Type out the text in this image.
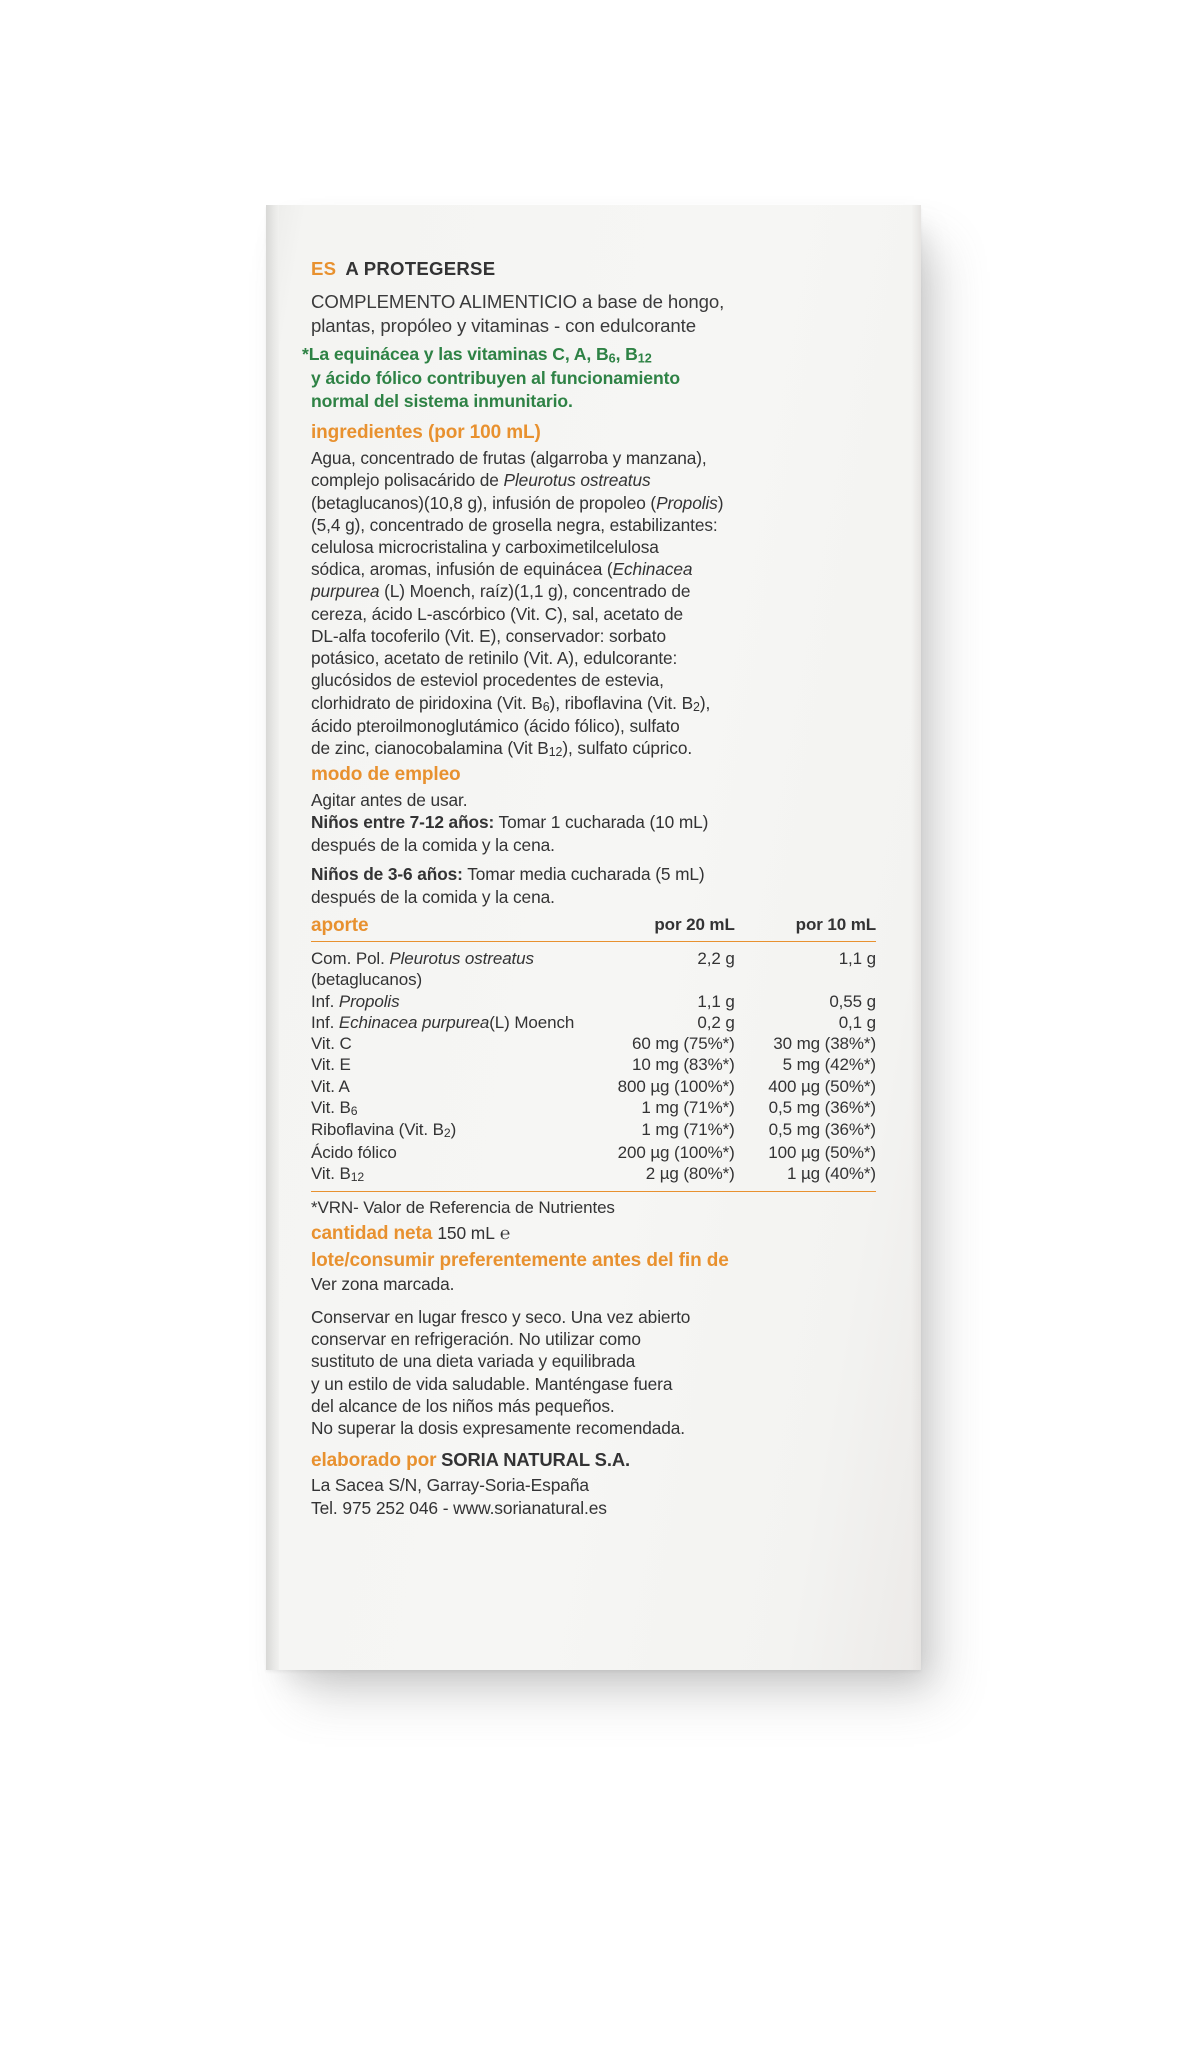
ES A PROTEGERSE
COMPLEMENTO ALIMENTICIO a base de hongo,
plantas, propóleo y vitaminas - con edulcorante
*La equinácea y las vitaminas C, A, $B_6$, $B_{12}$
y ácido fólico contribuyen al funcionamiento normal del sistema inmunitario.
ingredientes (por 100 mL)
Agua, concentrado de frutas (algarroba y manzana),
complejo polisacárido de Pleurotus ostreatus
(betaglucanos)(10,8 g), infusión de propoleo (Propolis)
(5,4 g), concentrado de grosella negra, estabilizantes:
celulosa microcristalina y carboximetilcelulosa
sódica, aromas, infusión de equinácea (Echinacea
purpurea (L) Moench, raíz)(1,1 g), concentrado de
cereza, ácido L-ascórbico (Vit. C), sal, acetato de
DL-alfa tocoferilo (Vit. E), conservador: sorbato
potásico, acetato de retinilo (Vit. A), edulcorante:
glucósidos de esteviol procedentes de estevia,
clorhidrato de piridoxina (Vit. $B_6$), riboflavina (Vit. $B_2$),
ácido pteroilmonoglutámico (ácido fólico), sulfato
de zinc, cianocobalamina (Vit $B_{12}$), sulfato cúprico.
modo de empleo
Agitar antes de usar.
Niños entre 7-12 años: Tomar 1 cucharada (10 mL)
después de la comida y la cena.
Niños de 3-6 años: Tomar media cucharada (5 mL)
después de la comida y la cena.
aporte	por 20 mL	por 10 mL
Com. Pol. Pleurotus ostreatus
(betaglucanos)	2,2 g	1,1 g
Inf. Propolis	1,1 g	0,55 g
Inf. Echinacea purpurea(L) Moench	0,2 g	0,1 g
Vit. C	60 mg (75%*)	30 mg (38%*)
Vit. E	10 mg (83%*)	5 mg (42%*)
Vit. A	800 µg (100%*)	400 µg (50%*)
Vit. $B_6$	1 mg (71%*)	0,5 mg (36%*)
Riboflavina (Vit. $B_2$)	1 mg (71%*)	0,5 mg (36%*)
Ácido fólico	200 µg (100%*)	100 µg (50%*)
Vit. $B_{12}$	2 µg (80%*)	1 µg (40%*)
*VRN- Valor de Referencia de Nutrientes
cantidad neta 150 mL ℮
lote/consumir preferentemente antes del fin de
Ver zona marcada.
Conservar en lugar fresco y seco. Una vez abierto
conservar en refrigeración. No utilizar como
sustituto de una dieta variada y equilibrada
y un estilo de vida saludable. Manténgase fuera
del alcance de los niños más pequeños.
No superar la dosis expresamente recomendada.
elaborado por SORIA NATURAL S.A.
La Sacea S/N, Garray-Soria-España
Tel. 975 252 046 - www.sorianatural.es
